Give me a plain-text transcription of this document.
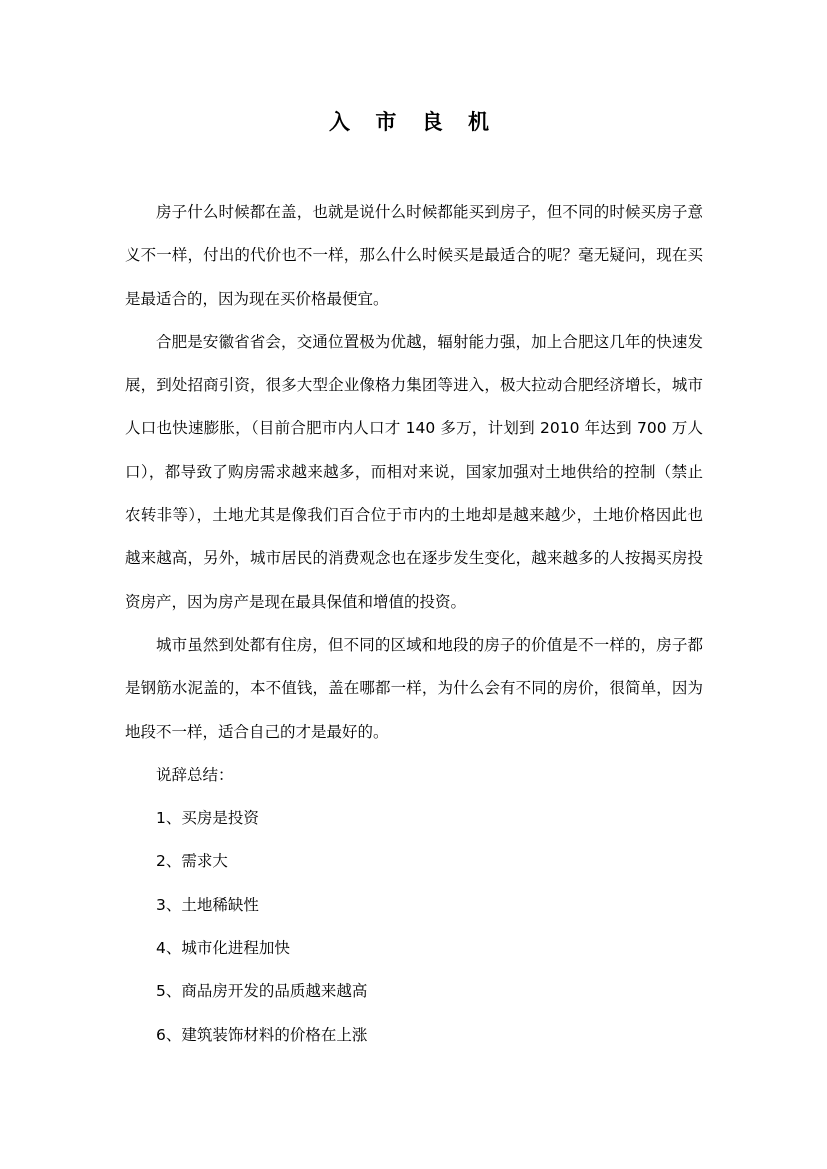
入 市 良 机

房子什么时候都在盖，也就是说什么时候都能买到房子，但不同的时候买房子意义不一样，付出的代价也不一样，那么什么时候买是最适合的呢？毫无疑问，现在买是最适合的，因为现在买价格最便宜。

合肥是安徽省省会，交通位置极为优越，辐射能力强，加上合肥这几年的快速发展，到处招商引资，很多大型企业像格力集团等进入，极大拉动合肥经济增长，城市人口也快速膨胀，（目前合肥市内人口才 140 多万，计划到 2010 年达到 700 万人口），都导致了购房需求越来越多，而相对来说，国家加强对土地供给的控制（禁止农转非等），土地尤其是像我们百合位于市内的土地却是越来越少，土地价格因此也越来越高，另外，城市居民的消费观念也在逐步发生变化，越来越多的人按揭买房投资房产，因为房产是现在最具保值和增值的投资。

城市虽然到处都有住房，但不同的区域和地段的房子的价值是不一样的，房子都是钢筋水泥盖的，本不值钱，盖在哪都一样，为什么会有不同的房价，很简单，因为地段不一样，适合自己的才是最好的。

说辞总结：

1、买房是投资
2、需求大
3、土地稀缺性
4、城市化进程加快
5、商品房开发的品质越来越高
6、建筑装饰材料的价格在上涨
